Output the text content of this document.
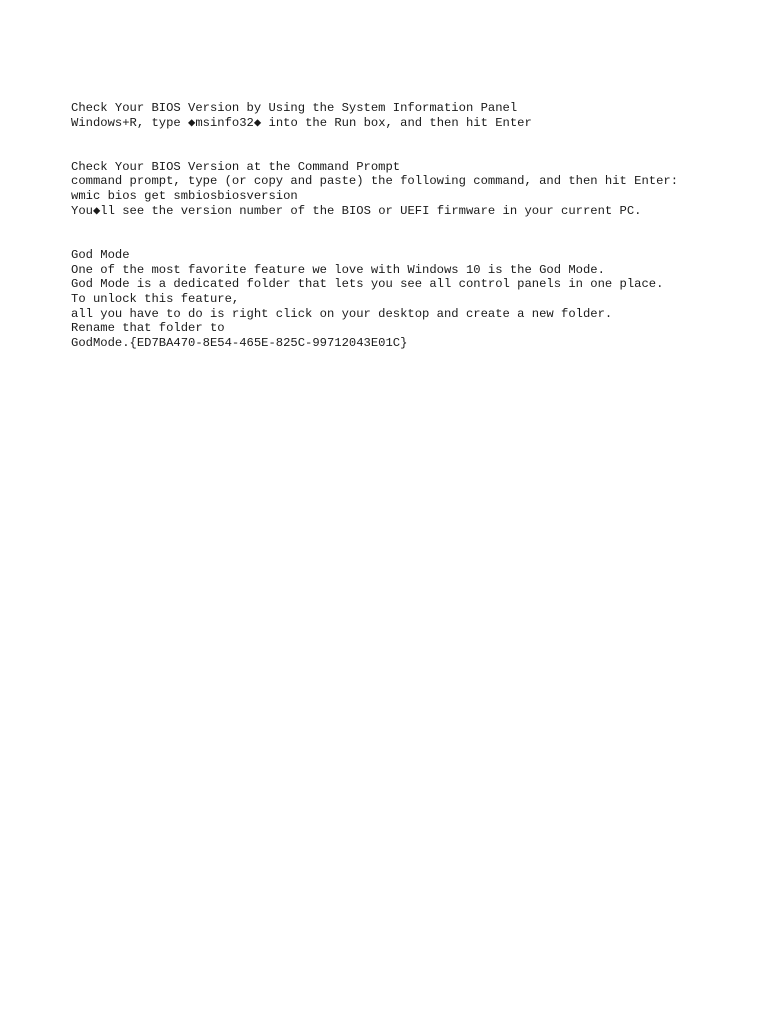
Check Your BIOS Version by Using the System Information Panel
Windows+R, type ◆msinfo32◆ into the Run box, and then hit Enter
Check Your BIOS Version at the Command Prompt
command prompt, type (or copy and paste) the following command, and then hit Enter:
wmic bios get smbiosbiosversion
You◆ll see the version number of the BIOS or UEFI firmware in your current PC.
God Mode
One of the most favorite feature we love with Windows 10 is the God Mode.
God Mode is a dedicated folder that lets you see all control panels in one place.
To unlock this feature,
all you have to do is right click on your desktop and create a new folder.
Rename that folder to
GodMode.{ED7BA470-8E54-465E-825C-99712043E01C}
